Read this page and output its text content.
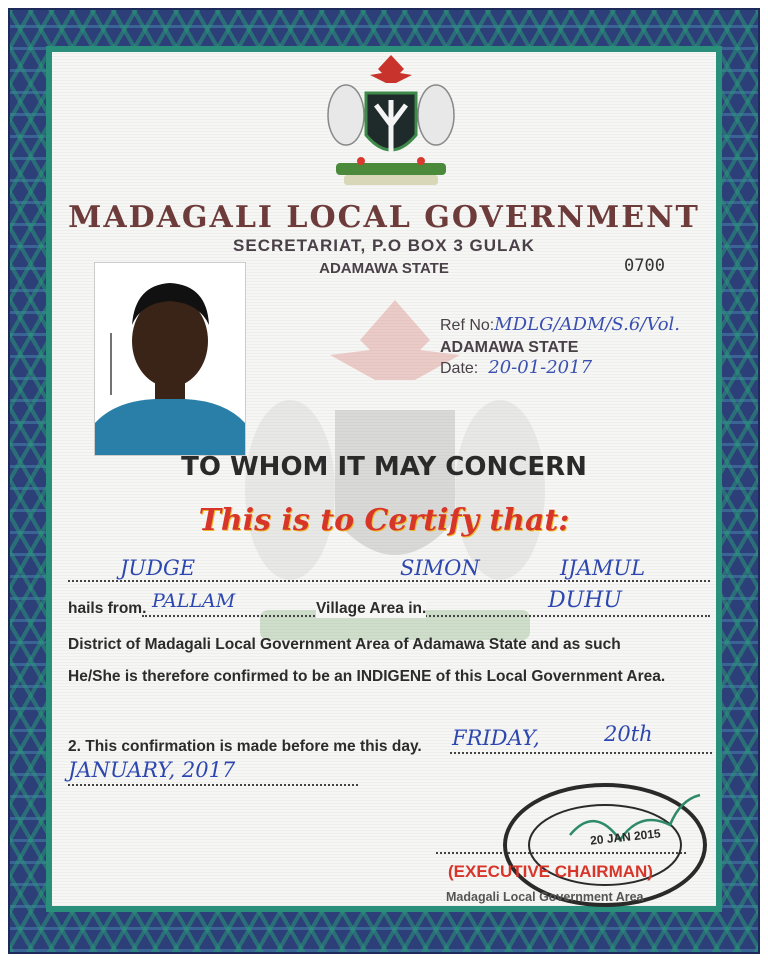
MADAGALI LOCAL GOVERNMENT
SECRETARIAT, P.O BOX 3 GULAK
ADAMAWA STATE	0700
Ref No:MDLG/ADM/S.6/Vol.
ADAMAWA STATE
Date: 20-01-2017
TO WHOM IT MAY CONCERN
This is to Certify that:
JUDGE	SIMON	IJAMUL
hails from. PALLAM	Village Area in.	DUHU
District of Madagali Local Government Area of Adamawa State and as such
He/She is therefore confirmed to be an INDIGENE of this Local Government Area.
2. This confirmation is made before me this day. FRIDAY,	20th
JANUARY, 2017
20 JAN 2015
(EXECUTIVE CHAIRMAN)
Madagali Local Government Area
